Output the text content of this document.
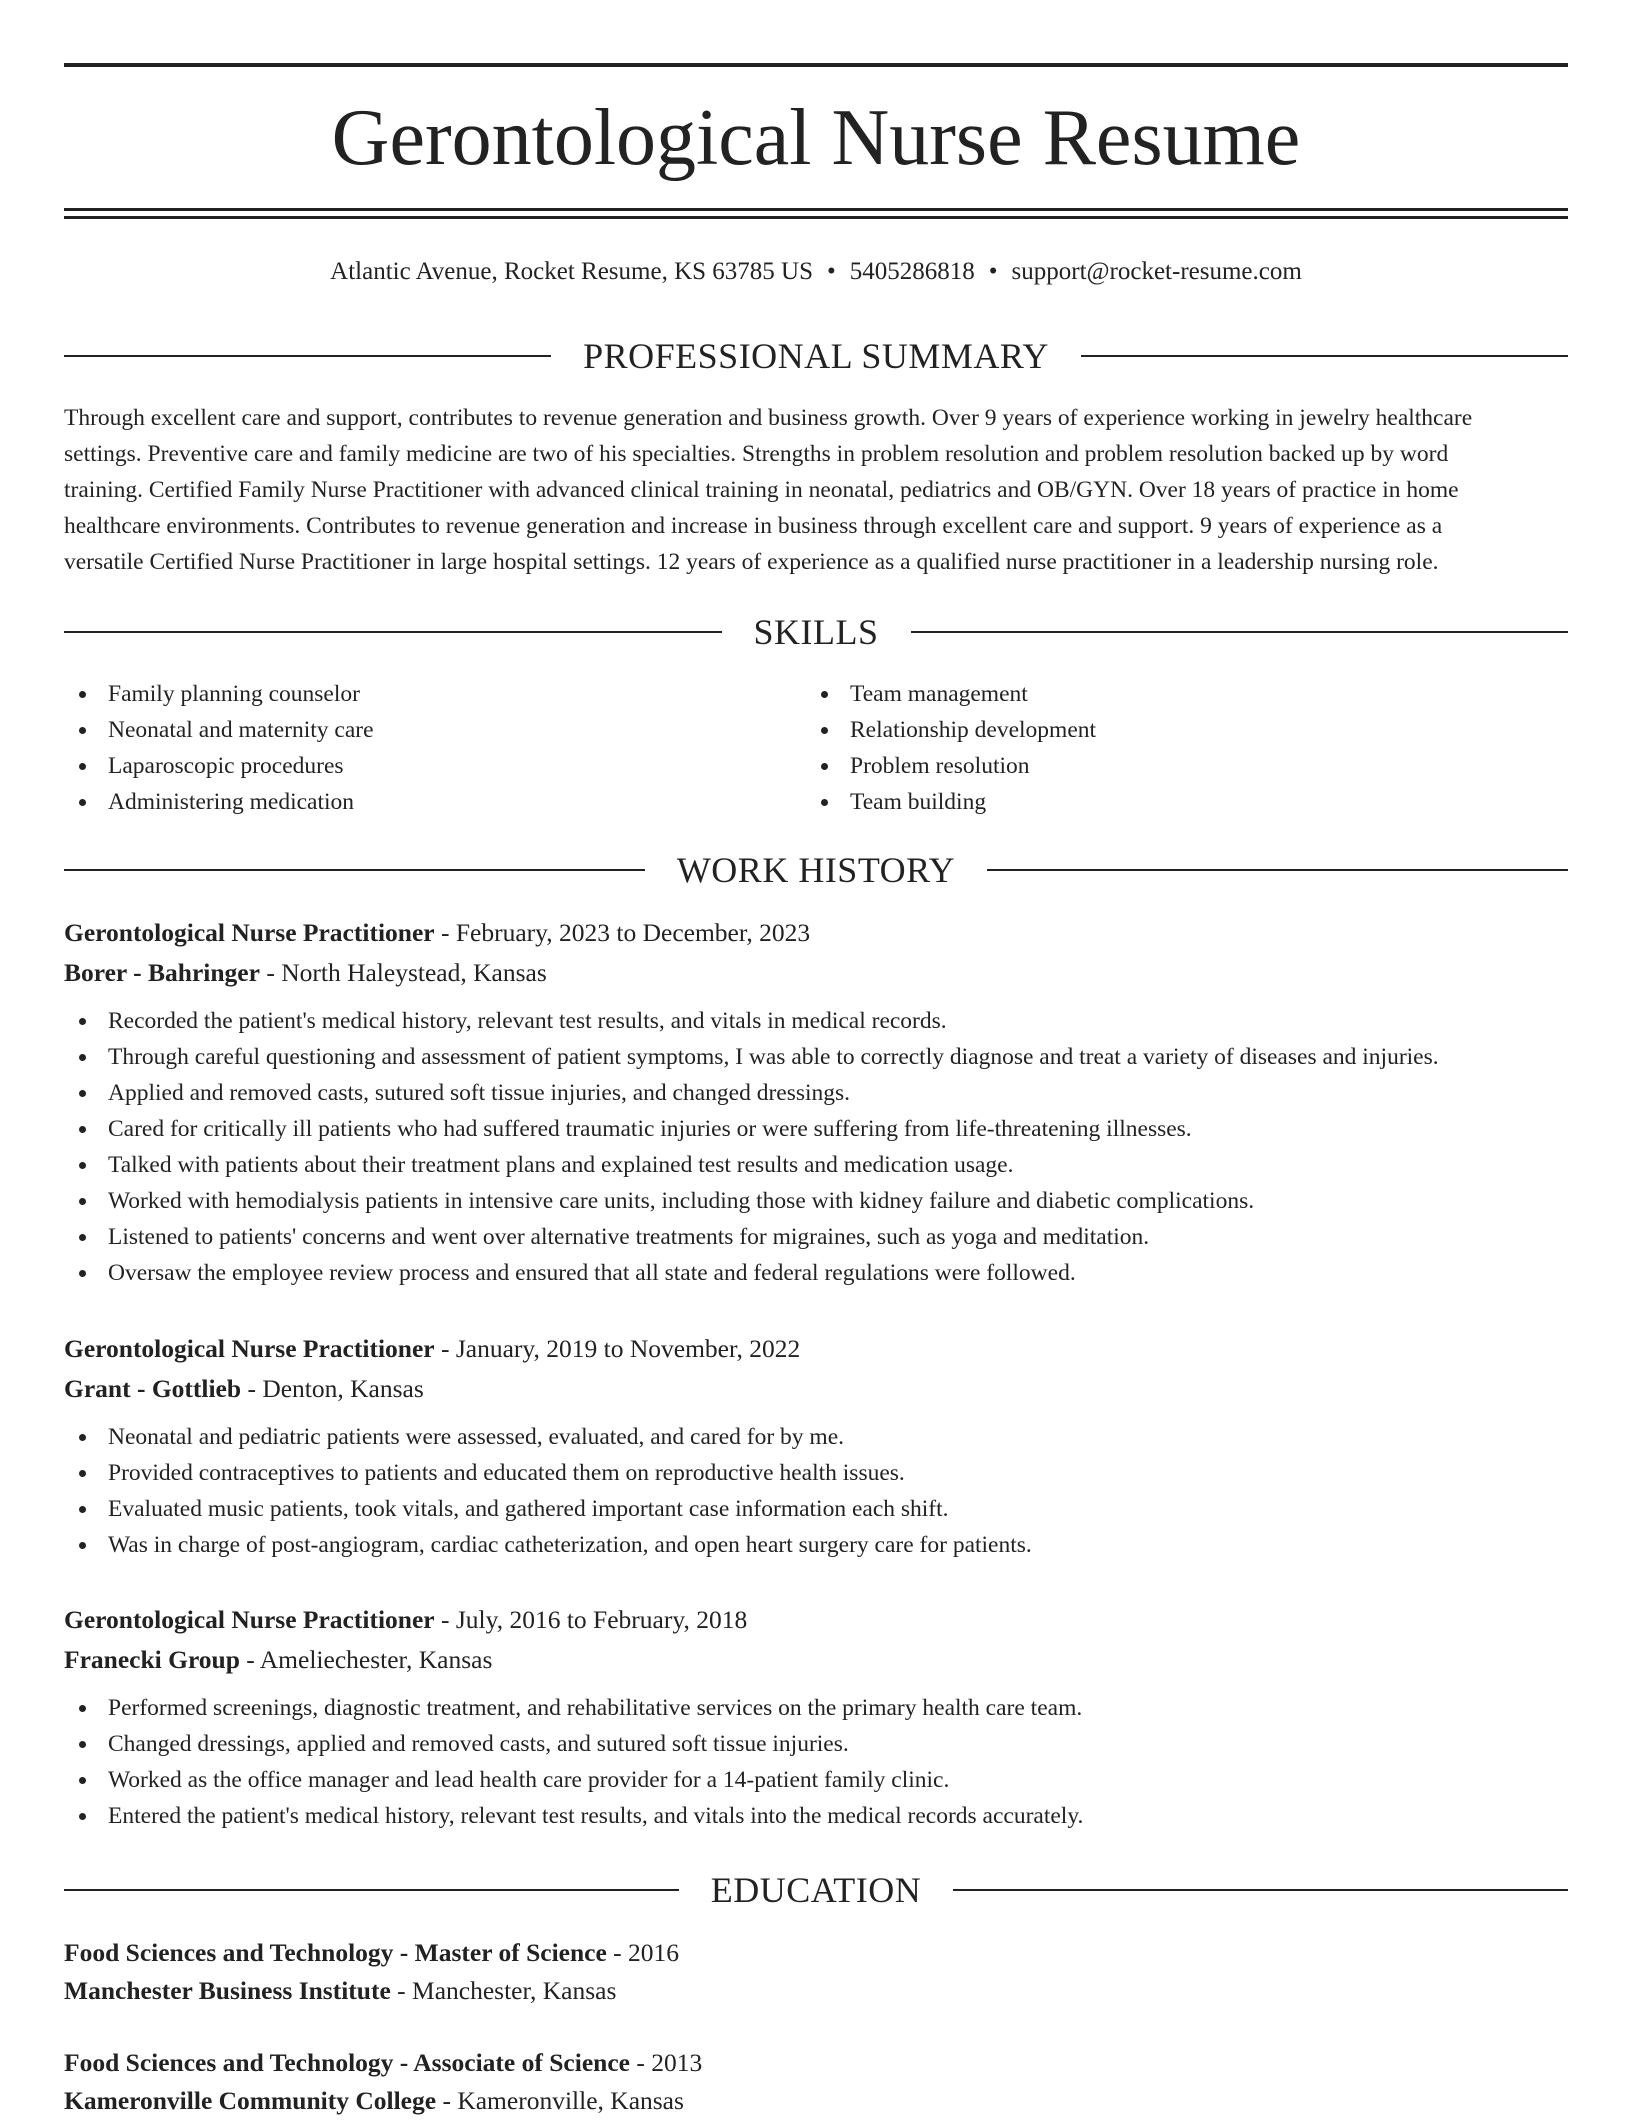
Gerontological Nurse Resume
Atlantic Avenue, Rocket Resume, KS 63785 US • 5405286818 • support@rocket-resume.com
PROFESSIONAL SUMMARY
Through excellent care and support, contributes to revenue generation and business growth. Over 9 years of experience working in jewelry healthcare
settings. Preventive care and family medicine are two of his specialties. Strengths in problem resolution and problem resolution backed up by word
training. Certified Family Nurse Practitioner with advanced clinical training in neonatal, pediatrics and OB/GYN. Over 18 years of practice in home
healthcare environments. Contributes to revenue generation and increase in business through excellent care and support. 9 years of experience as a
versatile Certified Nurse Practitioner in large hospital settings. 12 years of experience as a qualified nurse practitioner in a leadership nursing role.
SKILLS
Family planning counselor
Neonatal and maternity care
Laparoscopic procedures
Administering medication
Team management
Relationship development
Problem resolution
Team building
WORK HISTORY
Gerontological Nurse Practitioner - February, 2023 to December, 2023
Borer - Bahringer - North Haleystead, Kansas
Recorded the patient's medical history, relevant test results, and vitals in medical records.
Through careful questioning and assessment of patient symptoms, I was able to correctly diagnose and treat a variety of diseases and injuries.
Applied and removed casts, sutured soft tissue injuries, and changed dressings.
Cared for critically ill patients who had suffered traumatic injuries or were suffering from life-threatening illnesses.
Talked with patients about their treatment plans and explained test results and medication usage.
Worked with hemodialysis patients in intensive care units, including those with kidney failure and diabetic complications.
Listened to patients' concerns and went over alternative treatments for migraines, such as yoga and meditation.
Oversaw the employee review process and ensured that all state and federal regulations were followed.
Gerontological Nurse Practitioner - January, 2019 to November, 2022
Grant - Gottlieb - Denton, Kansas
Neonatal and pediatric patients were assessed, evaluated, and cared for by me.
Provided contraceptives to patients and educated them on reproductive health issues.
Evaluated music patients, took vitals, and gathered important case information each shift.
Was in charge of post-angiogram, cardiac catheterization, and open heart surgery care for patients.
Gerontological Nurse Practitioner - July, 2016 to February, 2018
Franecki Group - Ameliechester, Kansas
Performed screenings, diagnostic treatment, and rehabilitative services on the primary health care team.
Changed dressings, applied and removed casts, and sutured soft tissue injuries.
Worked as the office manager and lead health care provider for a 14-patient family clinic.
Entered the patient's medical history, relevant test results, and vitals into the medical records accurately.
EDUCATION
Food Sciences and Technology - Master of Science - 2016
Manchester Business Institute - Manchester, Kansas
Food Sciences and Technology - Associate of Science - 2013
Kameronville Community College - Kameronville, Kansas
